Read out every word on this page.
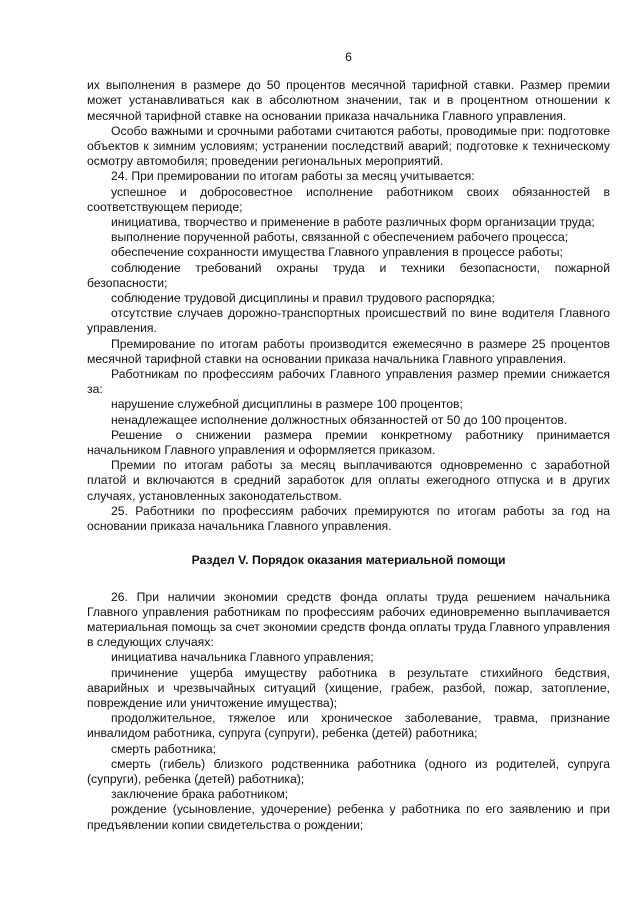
6

их выполнения в размере до 50 процентов месячной тарифной ставки. Размер премии может устанавливаться как в абсолютном значении, так и в процентном отношении к месячной тарифной ставке на основании приказа начальника Главного управления.

Особо важными и срочными работами считаются работы, проводимые при: подготовке объектов к зимним условиям; устранении последствий аварий; подготовке к техническому осмотру автомобиля; проведении региональных мероприятий.

24. При премировании по итогам работы за месяц учитывается:

успешное и добросовестное исполнение работником своих обязанностей в соответствующем периоде;

инициатива, творчество и применение в работе различных форм организации труда;

выполнение порученной работы, связанной с обеспечением рабочего процесса;

обеспечение сохранности имущества Главного управления в процессе работы;

соблюдение требований охраны труда и техники безопасности, пожарной безопасности;

соблюдение трудовой дисциплины и правил трудового распорядка;

отсутствие случаев дорожно-транспортных происшествий по вине водителя Главного управления.

Премирование по итогам работы производится ежемесячно в размере 25 процентов месячной тарифной ставки на основании приказа начальника Главного управления.

Работникам по профессиям рабочих Главного управления размер премии снижается за:

нарушение служебной дисциплины в размере 100 процентов;

ненадлежащее исполнение должностных обязанностей от 50 до 100 процентов.

Решение о снижении размера премии конкретному работнику принимается начальником Главного управления и оформляется приказом.

Премии по итогам работы за месяц выплачиваются одновременно с заработной платой и включаются в средний заработок для оплаты ежегодного отпуска и в других случаях, установленных законодательством.

25. Работники по профессиям рабочих премируются по итогам работы за год на основании приказа начальника Главного управления.

Раздел V. Порядок оказания материальной помощи

26. При наличии экономии средств фонда оплаты труда решением начальника Главного управления работникам по профессиям рабочих единовременно выплачивается материальная помощь за счет экономии средств фонда оплаты труда Главного управления в следующих случаях:

инициатива начальника Главного управления;

причинение ущерба имуществу работника в результате стихийного бедствия, аварийных и чрезвычайных ситуаций (хищение, грабеж, разбой, пожар, затопление, повреждение или уничтожение имущества);

продолжительное, тяжелое или хроническое заболевание, травма, признание инвалидом работника, супруга (супруги), ребенка (детей) работника;

смерть работника;

смерть (гибель) близкого родственника работника (одного из родителей, супруга (супруги), ребенка (детей) работника);

заключение брака работником;

рождение (усыновление, удочерение) ребенка у работника по его заявлению и при предъявлении копии свидетельства о рождении;
